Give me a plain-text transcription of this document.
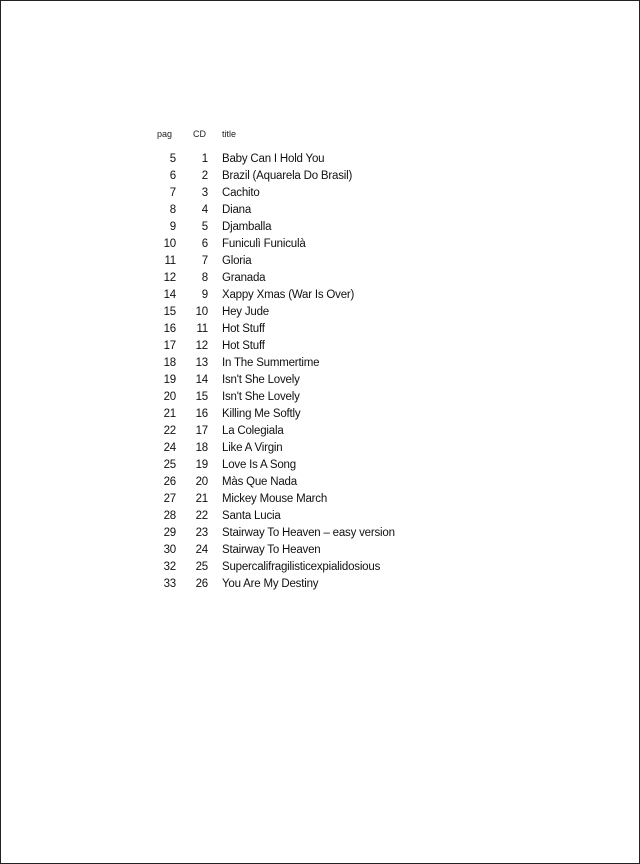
pag	CD	title
5	1	Baby Can I Hold You
6	2	Brazil (Aquarela Do Brasil)
7	3	Cachito
8	4	Diana
9	5	Djamballa
10	6	Funiculì Funiculà
11	7	Gloria
12	8	Granada
14	9	Xappy Xmas (War Is Over)
15	10	Hey Jude
16	11	Hot Stuff
17	12	Hot Stuff
18	13	In The Summertime
19	14	Isn't She Lovely
20	15	Isn't She Lovely
21	16	Killing Me Softly
22	17	La Colegiala
24	18	Like A Virgin
25	19	Love Is A Song
26	20	Màs Que Nada
27	21	Mickey Mouse March
28	22	Santa Lucia
29	23	Stairway To Heaven – easy version
30	24	Stairway To Heaven
32	25	Supercalifragilisticexpialidosious
33	26	You Are My Destiny
